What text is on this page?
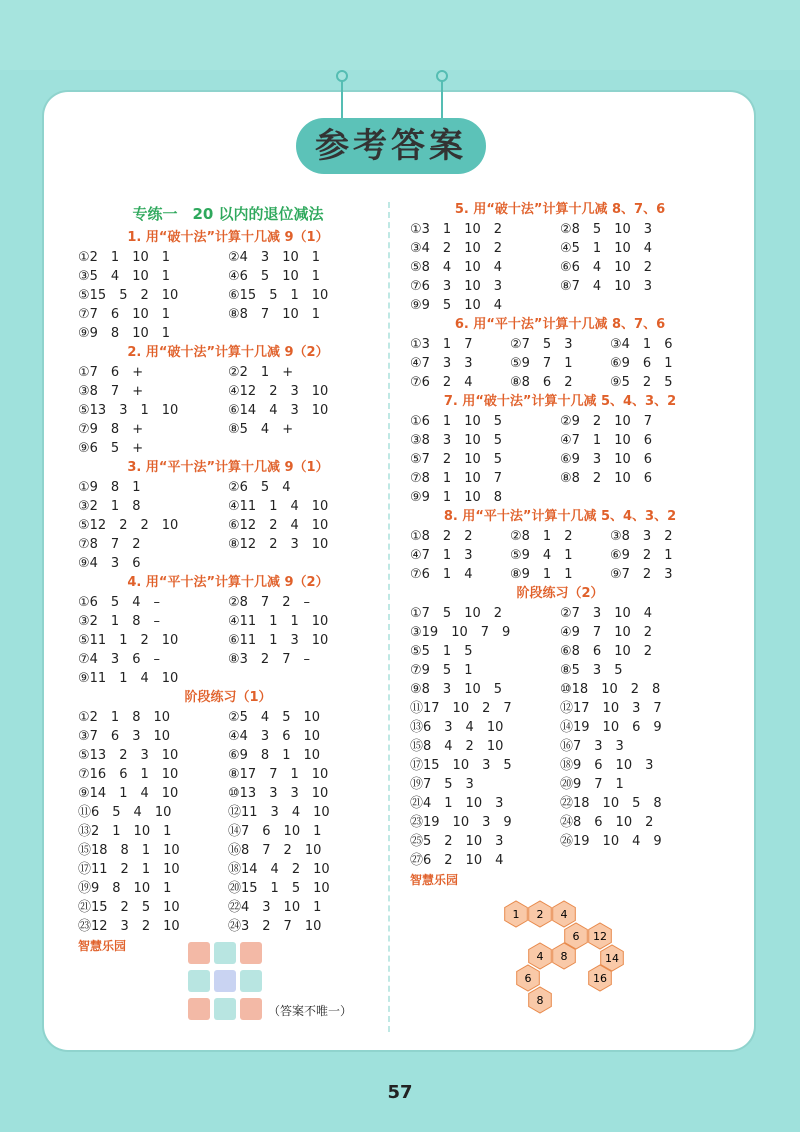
参考答案
专练一　20 以内的退位减法
1. 用“破十法”计算十几减 9（1）
①2　1　10　1	②4　3　10　1
③5　4　10　1	④6　5　10　1
⑤15　5　2　10	⑥15　5　1　10
⑦7　6　10　1	⑧8　7　10　1
⑨9　8　10　1
2. 用“破十法”计算十几减 9（2）
①7　6　+	②2　1　+
③8　7　+	④12　2　3　10
⑤13　3　1　10	⑥14　4　3　10
⑦9　8　+	⑧5　4　+
⑨6　5　+
3. 用“平十法”计算十几减 9（1）
①9　8　1	②6　5　4
③2　1　8	④11　1　4　10
⑤12　2　2　10	⑥12　2　4　10
⑦8　7　2	⑧12　2　3　10
⑨4　3　6
4. 用“平十法”计算十几减 9（2）
①6　5　4　–	②8　7　2　–
③2　1　8　–	④11　1　1　10
⑤11　1　2　10	⑥11　1　3　10
⑦4　3　6　–	⑧3　2　7　–
⑨11　1　4　10
阶段练习（1）
①2　1　8　10	②5　4　5　10
③7　6　3　10	④4　3　6　10
⑤13　2　3　10	⑥9　8　1　10
⑦16　6　1　10	⑧17　7　1　10
⑨14　1　4　10	⑩13　3　3　10
⑪6　5　4　10	⑫11　3　4　10
⑬2　1　10　1	⑭7　6　10　1
⑮18　8　1　10	⑯8　7　2　10
⑰11　2　1　10	⑱14　4　2　10
⑲9　8　10　1	⑳15　1　5　10
㉑15　2　5　10	㉒4　3　10　1
㉓12　3　2　10	㉔3　2　7　10
智慧乐园
5. 用“破十法”计算十几减 8、7、6
①3　1　10　2	②8　5　10　3
③4　2　10　2	④5　1　10　4
⑤8　4　10　4	⑥6　4　10　2
⑦6　3　10　3	⑧7　4　10　3
⑨9　5　10　4
6. 用“平十法”计算十几减 8、7、6
①3　1　7	②7　5　3	③4　1　6
④7　3　3	⑤9　7　1	⑥9　6　1
⑦6　2　4	⑧8　6　2	⑨5　2　5
7. 用“破十法”计算十几减 5、4、3、2
①6　1　10　5	②9　2　10　7
③8　3　10　5	④7　1　10　6
⑤7　2　10　5	⑥9　3　10　6
⑦8　1　10　7	⑧8　2　10　6
⑨9　1　10　8
8. 用“平十法”计算十几减 5、4、3、2
①8　2　2	②8　1　2	③8　3　2
④7　1　3	⑤9　4　1	⑥9　2　1
⑦6　1　4	⑧9　1　1	⑨7　2　3
阶段练习（2）
①7　5　10　2	②7　3　10　4
③19　10　7　9	④9　7　10　2
⑤5　1　5	⑥8　6　10　2
⑦9　5　1	⑧5　3　5
⑨8　3　10　5	⑩18　10　2　8
⑪17　10　2　7	⑫17　10　3　7
⑬6　3　4　10	⑭19　10　6　9
⑮8　4　2　10	⑯7　3　3
⑰15　10　3　5	⑱9　6　10　3
⑲7　5　3	⑳9　7　1
㉑4　1　10　3	㉒18　10　5　8
㉓19　10　3　9	㉔8　6　10　2
㉕5　2　10　3	㉖19　10　4　9
㉗6　2　10　4
智慧乐园
（答案不唯一）
1 2 4
6 12
4 8	14
6	16
8
57
